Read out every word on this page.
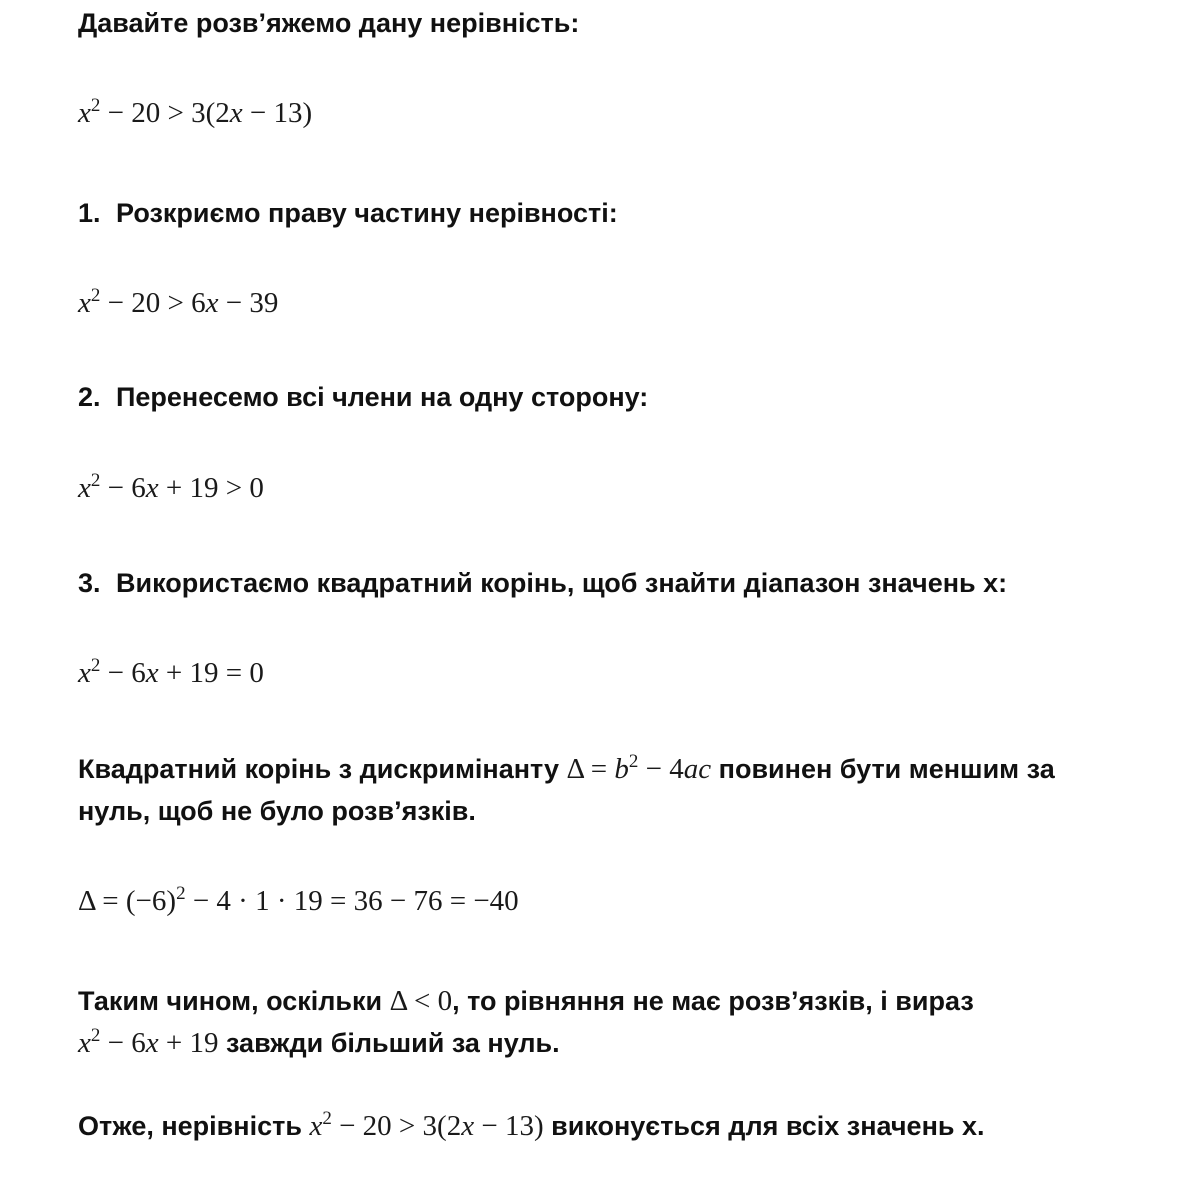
Давайте розв’яжемо дану нерівність:

$x^2 - 20 > 3(2x - 13)$

1. Розкриємо праву частину нерівності:

$x^2 - 20 > 6x - 39$

2. Перенесемо всі члени на одну сторону:

$x^2 - 6x + 19 > 0$

3. Використаємо квадратний корінь, щоб знайти діапазон значень x:

$x^2 - 6x + 19 = 0$

Квадратний корінь з дискримінанту $\Delta = b^2 - 4ac$ повинен бути меншим за

нуль, щоб не було розв’язків.

$\Delta = (-6)^2 - 4 \cdot 1 \cdot 19 = 36 - 76 = -40$

Таким чином, оскільки Δ < 0, то рівняння не має розв’язків, і вираз

$x^2 - 6x + 19$ завжди більший за нуль.

Отже, нерівність $x^2 - 20 > 3(2x - 13)$ виконується для всіх значень x.
